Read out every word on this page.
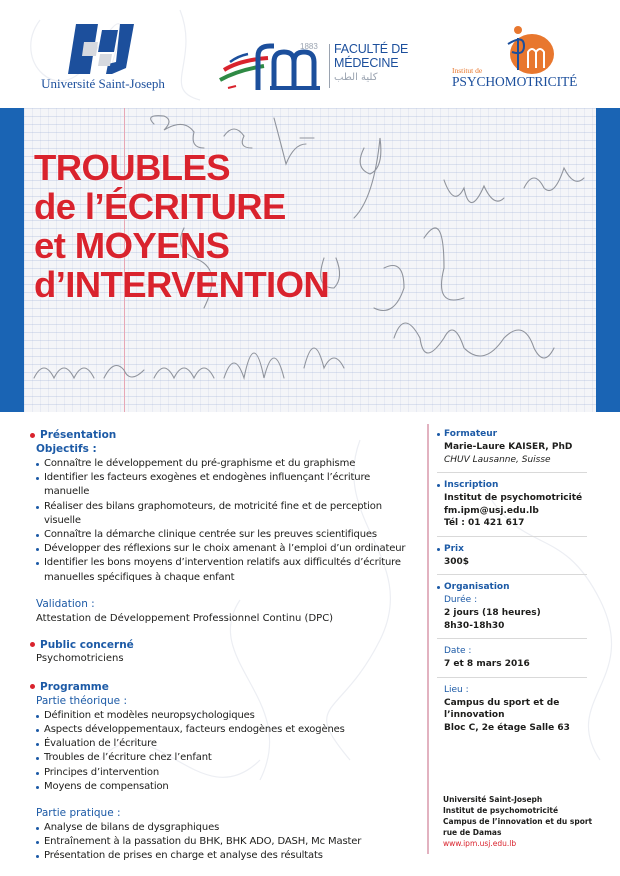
Université Saint-Joseph
1883 FACULTÉ DE
MÉDECINE
كلية الطب
Institut de
PSYCHOMOTRICITÉ
TROUBLES
de l’ÉCRITURE
et MOYENS
d’INTERVENTION
Présentation
Objectifs :
Connaître le développement du pré-graphisme et du graphisme
Identifier les facteurs exogènes et endogènes influençant l’écriture manuelle
Réaliser des bilans graphomoteurs, de motricité fine et de perception visuelle
Connaître la démarche clinique centrée sur les preuves scientifiques
Développer des réflexions sur le choix amenant à l’emploi d’un ordinateur
Identifier les bons moyens d’intervention relatifs aux difficultés d’écriture manuelles spécifiques à chaque enfant
Validation :
Attestation de Développement Professionnel Continu (DPC)
Public concerné
Psychomotriciens
Programme
Partie théorique :
Définition et modèles neuropsychologiques
Aspects développementaux, facteurs endogènes et exogènes
Évaluation de l’écriture
Troubles de l’écriture chez l’enfant
Principes d’intervention
Moyens de compensation
Partie pratique :
Analyse de bilans de dysgraphiques
Entraînement à la passation du BHK, BHK ADO, DASH, Mc Master
Présentation de prises en charge et analyse des résultats
Formateur
Marie-Laure KAISER, PhD
CHUV Lausanne, Suisse
Inscription
Institut de psychomotricité
fm.ipm@usj.edu.lb
Tél : 01 421 617
Prix
300$
Organisation
Durée :
2 jours (18 heures)
8h30-18h30
Date :
7 et 8 mars 2016
Lieu :
Campus du sport et de
l’innovation
Bloc C, 2e étage Salle 63
Université Saint-Joseph
Institut de psychomotricité
Campus de l’innovation et du sport
rue de Damas
www.ipm.usj.edu.lb
